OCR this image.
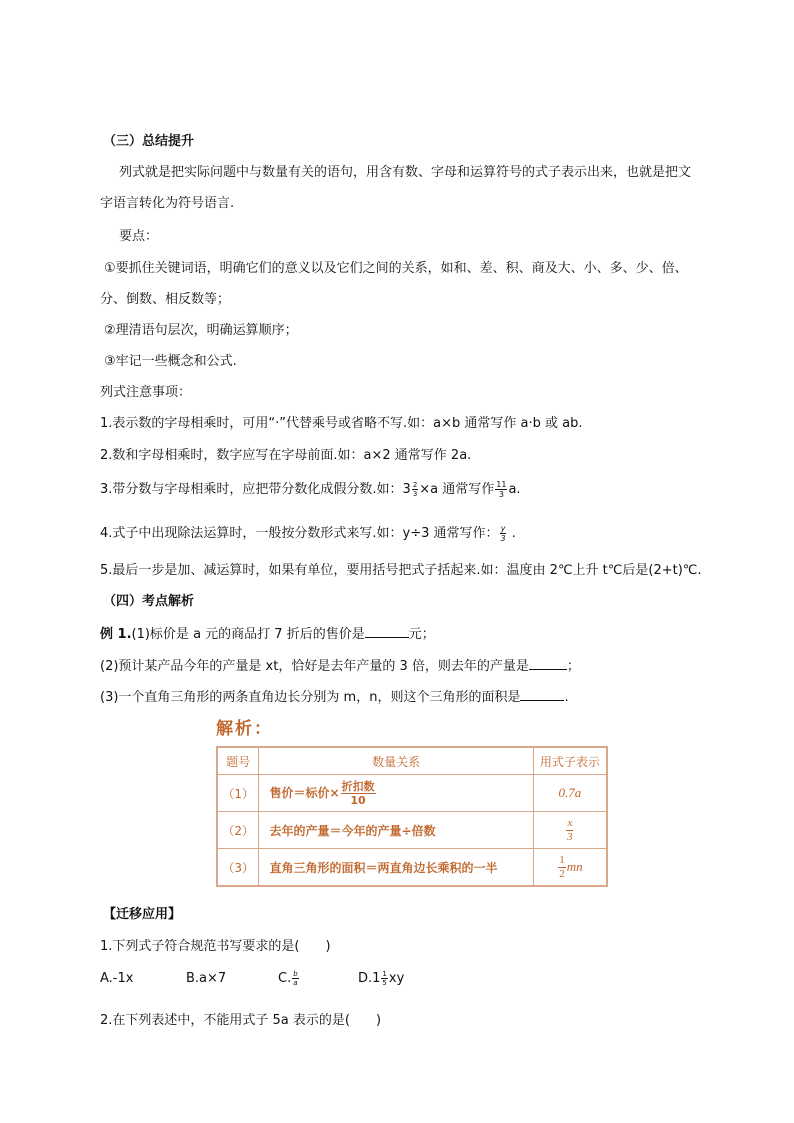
（三）总结提升
列式就是把实际问题中与数量有关的语句，用含有数、字母和运算符号的式子表示出来，也就是把文
字语言转化为符号语言.
要点：
①要抓住关键词语，明确它们的意义以及它们之间的关系，如和、差、积、商及大、小、多、少、倍、
分、倒数、相反数等；
②理清语句层次，明确运算顺序；
③牢记一些概念和公式.
列式注意事项：
1.表示数的字母相乘时，可用“·”代替乘号或省略不写.如：a×b 通常写作 a·b 或 ab.
2.数和字母相乘时，数字应写在字母前面.如：a×2 通常写作 2a.
3.带分数与字母相乘时，应把带分数化成假分数.如：$3 \frac{2}{3} \times a$ 通常写作 $\frac{11}{3} a$.
4.式子中出现除法运算时，一般按分数形式来写.如：y÷3 通常写作： $\frac{y}{3}$ .
5.最后一步是加、减运算时，如果有单位，要用括号把式子括起来.如：温度由 2℃上升 t℃后是(2+t)℃.
（四）考点解析
例 1.(1)标价是 a 元的商品打 7 折后的售价是	元；
(2)预计某产品今年的产量是 xt，恰好是去年产量的 3 倍，则去年的产量是	；
(3)一个直角三角形的两条直角边长分别为 m，n，则这个三角形的面积是	.
解析：
题号	数量关系	用式子表示
（1）	售价＝标价× $\frac{\text{折扣数}}{10}$	0.7a
（2）	去年的产量＝今年的产量÷倍数	$\frac{x}{3}$

（3）	直角三角形的面积＝两直角边长乘积的一半	$\frac{1}{2}$ mn
【迁移应用】
1.下列式子符合规范书写要求的是(　　)
A.-1x	B.a×7	C. $\frac{b}{a}$	$D.1 \frac{1}{5}$ xy
2.在下列表述中，不能用式子 5a 表示的是(　　)
